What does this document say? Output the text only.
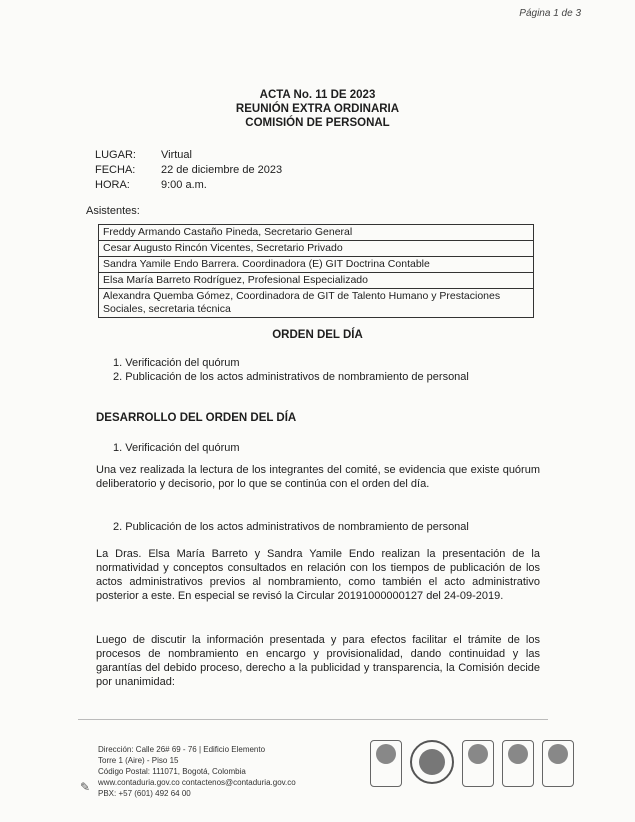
Página 1 de 3
ACTA No. 11 DE 2023
REUNIÓN EXTRA ORDINARIA
COMISIÓN DE PERSONAL
LUGAR:	Virtual
FECHA:	22 de diciembre de 2023
HORA:	9:00 a.m.
Asistentes:
Freddy Armando Castaño Pineda, Secretario General
Cesar Augusto Rincón Vicentes, Secretario Privado
Sandra Yamile Endo Barrera. Coordinadora (E) GIT Doctrina Contable
Elsa María Barreto Rodríguez, Profesional Especializado
Alexandra Quemba Gómez, Coordinadora de GIT de Talento Humano y Prestaciones Sociales, secretaria técnica
ORDEN DEL DÍA
1. Verificación del quórum
2. Publicación de los actos administrativos de nombramiento de personal
DESARROLLO DEL ORDEN DEL DÍA
1. Verificación del quórum

Una vez realizada la lectura de los integrantes del comité, se evidencia que existe quórum deliberatorio y decisorio, por lo que se continúa con el orden del día.

2. Publicación de los actos administrativos de nombramiento de personal

La Dras. Elsa María Barreto y Sandra Yamile Endo realizan la presentación de la normatividad y conceptos consultados en relación con los tiempos de publicación de los actos administrativos previos al nombramiento, como también el acto administrativo posterior a este. En especial se revisó la Circular 20191000000127 del 24-09-2019.

Luego de discutir la información presentada y para efectos facilitar el trámite de los procesos de nombramiento en encargo y provisionalidad, dando continuidad y las garantías del debido proceso, derecho a la publicidad y transparencia, la Comisión decide por unanimidad:

Dirección: Calle 26# 69 - 76 | Edificio Elemento
Torre 1 (Aire) - Piso 15
Código Postal: 111071, Bogotá, Colombia
www.contaduria.gov.co contactenos@contaduria.gov.co
PBX: +57 (601) 492 64 00
✎
